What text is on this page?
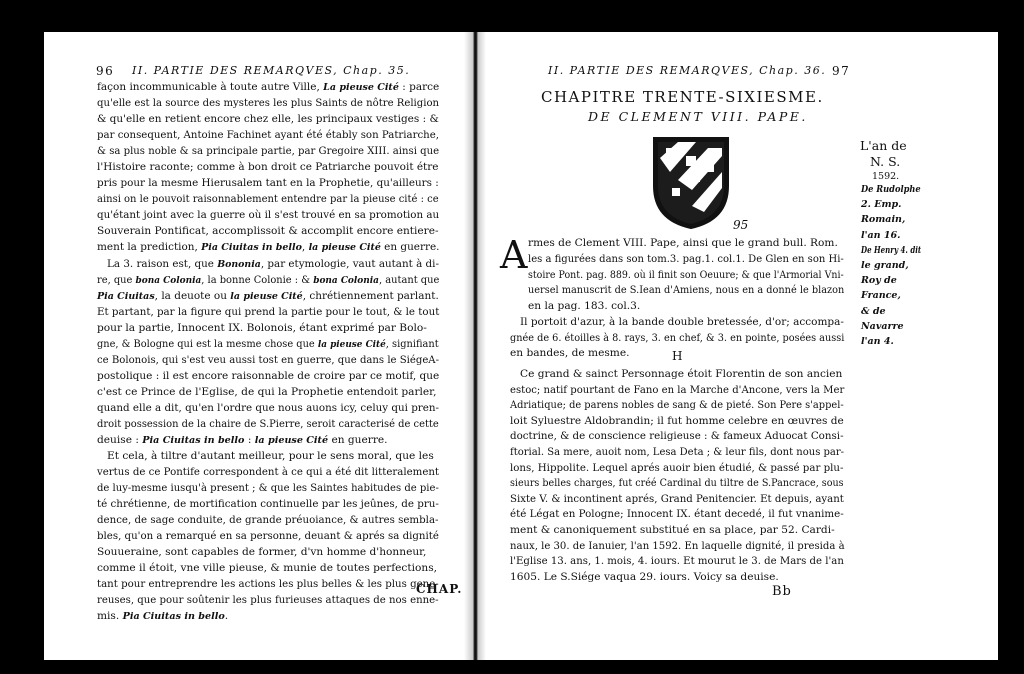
96 II. PARTIE DES REMARQVES, Chap. 35.
façon incommunicable à toute autre Ville, La pieuse Cité : parce
qu'elle est la source des mysteres les plus Saints de nôtre Religion
& qu'elle en retient encore chez elle, les principaux vestiges : &
par consequent, Antoine Fachinet ayant été étably son Patriarche,
& sa plus noble & sa principale partie, par Gregoire XIII. ainsi que
l'Histoire raconte; comme à bon droit ce Patriarche pouvoit étre
pris pour la mesme Hierusalem tant en la Prophetie, qu'ailleurs :
ainsi on le pouvoit raisonnablement entendre par la pieuse cité : ce
qu'étant joint avec la guerre où il s'est trouvé en sa promotion au
Souverain Pontificat, accomplissoit & accomplit encore entiere-
ment la prediction, Pia Ciuitas in bello, la pieuse Cité en guerre.
La 3. raison est, que Bononia, par etymologie, vaut autant à di-
re, que bona Colonia, la bonne Colonie : & bona Colonia, autant que
Pia Ciuitas, la deuote ou la pieuse Cité, chrétiennement parlant.
Et partant, par la figure qui prend la partie pour le tout, & le tout
pour la partie, Innocent IX. Bolonois, étant exprimé par Bolo-
gne, & Bologne qui est la mesme chose que la pieuse Cité, signifiant
ce Bolonois, qui s'est veu aussi tost en guerre, que dans le SiégeA-
postolique : il est encore raisonnable de croire par ce motif, que
c'est ce Prince de l'Eglise, de qui la Prophetie entendoit parler,
quand elle a dit, qu'en l'ordre que nous auons icy, celuy qui pren-
droit possession de la chaire de S.Pierre, seroit caracterisé de cette
deuise : Pia Ciuitas in bello : la pieuse Cité en guerre.
Et cela, à tiltre d'autant meilleur, pour le sens moral, que les
vertus de ce Pontife correspondent à ce qui a été dit litteralement
de luy-mesme iusqu'à present ; & que les Saintes habitudes de pie-
té chrétienne, de mortification continuelle par les jeûnes, de pru-
dence, de sage conduite, de grande préuoiance, & autres sembla-
bles, qu'on a remarqué en sa personne, deuant & aprés sa dignité
Souueraine, sont capables de former, d'vn homme d'honneur,
comme il étoit, vne ville pieuse, & munie de toutes perfections,
tant pour entreprendre les actions les plus belles & les plus gene-
reuses, que pour soûtenir les plus furieuses attaques de nos enne-
mis. Pia Ciuitas in bello.
CHAP.
II. PARTIE DES REMARQVES, Chap. 36. 97
CHAPITRE TRENTE-SIXIESME.
DE CLEMENT VIII. PAPE.
95
L'an de
N. S.
1592.
De Rudolphe
2. Emp.
Romain,
l'an 16.
De Henry 4. dit
le grand,
Roy de
France,
& de
Navarre
l'an 4.
A rmes de Clement VIII. Pape, ainsi que le grand bull. Rom.
les a figurées dans son tom.3. pag.1. col.1. De Glen en son Hi-
stoire Pont. pag. 889. où il finit son Oeuure; & que l'Armorial Vni-
uersel manuscrit de S.Iean d'Amiens, nous en a donné le blazon
en la pag. 183. col.3.
Il portoit d'azur, à la bande double bretessée, d'or; accompa-
gnée de 6. étoilles à 8. rays, 3. en chef, & 3. en pointe, posées aussi
en bandes, de mesme.	H
Ce grand & sainct Personnage étoit Florentin de son ancien
estoc; natif pourtant de Fano en la Marche d'Ancone, vers la Mer
Adriatique; de parens nobles de sang & de pieté. Son Pere s'appel-
loit Syluestre Aldobrandin; il fut homme celebre en œuvres de
doctrine, & de conscience religieuse : & fameux Aduocat Consi-
ftorial. Sa mere, auoit nom, Lesa Deta ; & leur fils, dont nous par-
lons, Hippolite. Lequel aprés auoir bien étudié, & passé par plu-
sieurs belles charges, fut créé Cardinal du tiltre de S.Pancrace, sous
Sixte V. & incontinent aprés, Grand Penitencier. Et depuis, ayant
été Légat en Pologne; Innocent IX. étant decedé, il fut vnanime-
ment & canoniquement substitué en sa place, par 52. Cardi-
naux, le 30. de Ianuier, l'an 1592. En laquelle dignité, il presida à
l'Eglise 13. ans, 1. mois, 4. iours. Et mourut le 3. de Mars de l'an
1605. Le S.Siége vaqua 29. iours. Voicy sa deuise.
Bb
